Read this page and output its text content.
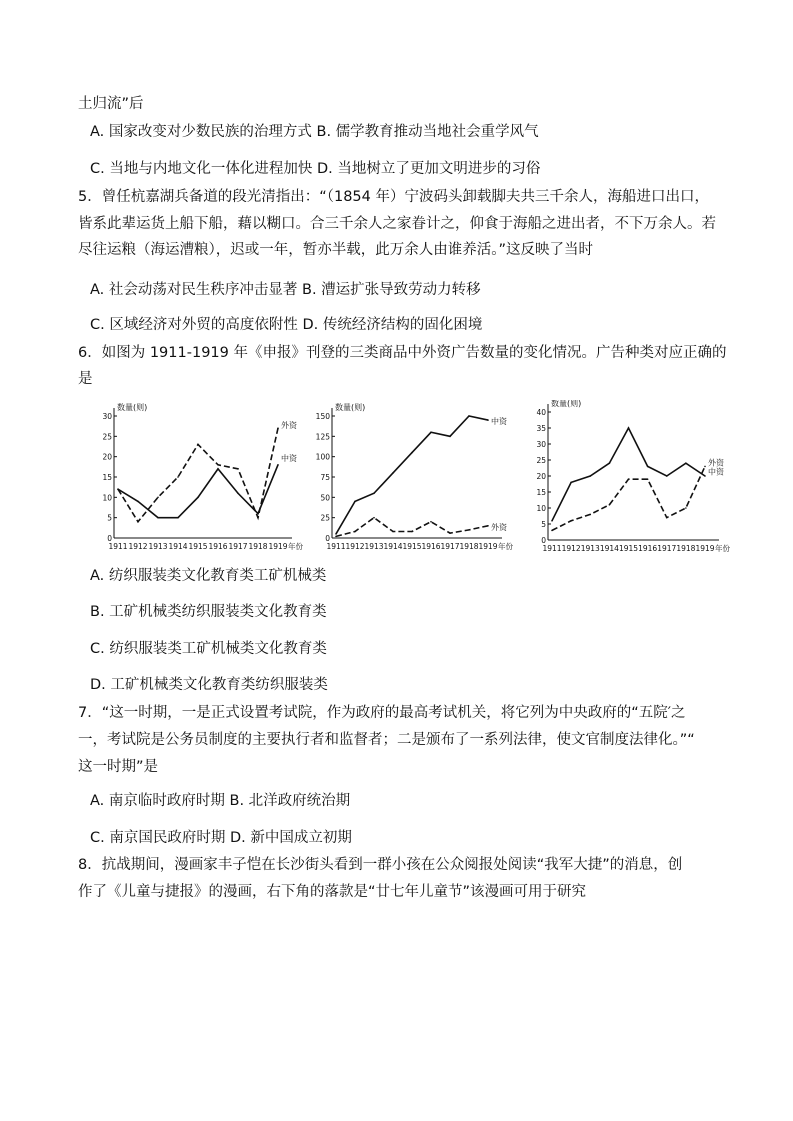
土归流”后
A. 国家改变对少数民族的治理方式 B. 儒学教育推动当地社会重学风气
C. 当地与内地文化一体化进程加快 D. 当地树立了更加文明进步的习俗
5．曾任杭嘉湖兵备道的段光清指出：“（1854 年）宁波码头卸载脚夫共三千余人，海船进口出口，
皆系此辈运货上船下船，藉以糊口。合三千余人之家眷计之，仰食于海船之进出者，不下万余人。若
尽往运粮（海运漕粮），迟或一年，暂亦半载，此万余人由谁养活。”这反映了当时
A. 社会动荡对民生秩序冲击显著 B. 漕运扩张导致劳动力转移
C. 区域经济对外贸的高度依附性 D. 传统经济结构的固化困境
6．如图为 1911-1919 年《申报》刊登的三类商品中外资广告数量的变化情况。广告种类对应正确的
是
数量(则)
0
5
10
15
20
25
30
1911 1912 1913 1914 1915 1916 1917 1918 1919 年份
外资
中资
数量(则)
0
25
50
75
100
125
150
1911 1912 1913 1914 1915 1916 1917 1918 1919 年份
中资
外资
数量(则)
0
5
10
15
20
25
30
35
40
1911 1912 1913 1914 1915 1916 1917 1918 1919 年份
中资
外资
A. 纺织服装类文化教育类工矿机械类
B. 工矿机械类纺织服装类文化教育类
C. 纺织服装类工矿机械类文化教育类
D. 工矿机械类文化教育类纺织服装类
7．“这一时期，一是正式设置考试院，作为政府的最高考试机关，将它列为中央政府的“五院′之
一，考试院是公务员制度的主要执行者和监督者；二是颁布了一系列法律，使文官制度法律化。”“
这一时期”是
A. 南京临时政府时期 B. 北洋政府统治期
C. 南京国民政府时期 D. 新中国成立初期
8．抗战期间，漫画家丰子恺在长沙街头看到一群小孩在公众阅报处阅读“我军大捷”的消息，创
作了《儿童与捷报》的漫画，右下角的落款是“廿七年儿童节”该漫画可用于研究
